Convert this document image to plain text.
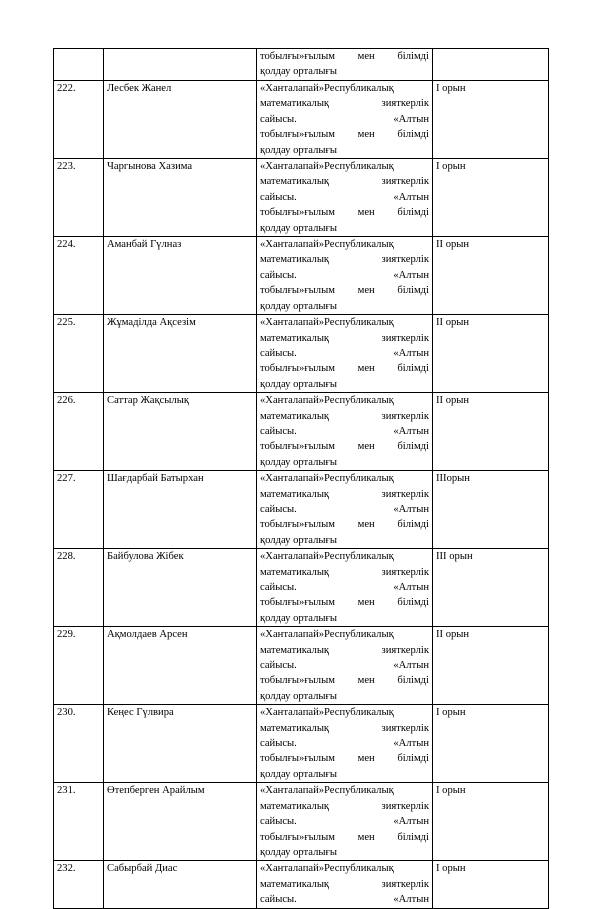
		тобылғы»ғылым мен білімді
қолдау орталығы	

222.	Лесбек Жанел	«Ханталапай»Республикалық
математикалық зияткерлік
сайысы. «Алтын
тобылғы»ғылым мен білімді
қолдау орталығы	І орын
223.	Чаргынова Хазима	«Ханталапай»Республикалық
математикалық зияткерлік
сайысы. «Алтын
тобылғы»ғылым мен білімді
қолдау орталығы	І орын
224.	Аманбай Гүлназ	«Ханталапай»Республикалық
математикалық зияткерлік
сайысы. «Алтын
тобылғы»ғылым мен білімді
қолдау орталығы	ІІ орын
225.	Жұмаділда Ақсезім	«Ханталапай»Республикалық
математикалық зияткерлік
сайысы. «Алтын
тобылғы»ғылым мен білімді
қолдау орталығы	ІІ орын
226.	Саттар Жақсылық	«Ханталапай»Республикалық
математикалық зияткерлік
сайысы. «Алтын
тобылғы»ғылым мен білімді
қолдау орталығы	ІІ орын
227.	Шағдарбай Батырхан	«Ханталапай»Республикалық
математикалық зияткерлік
сайысы. «Алтын
тобылғы»ғылым мен білімді
қолдау орталығы	ІІІорын
228.	Байбулова Жібек	«Ханталапай»Республикалық
математикалық зияткерлік
сайысы. «Алтын
тобылғы»ғылым мен білімді
қолдау орталығы	ІІІ орын
229.	Ақмолдаев Арсен	«Ханталапай»Республикалық
математикалық зияткерлік
сайысы. «Алтын
тобылғы»ғылым мен білімді
қолдау орталығы	ІІ орын
230.	Кеңес Гүлвира	«Ханталапай»Республикалық
математикалық зияткерлік
сайысы. «Алтын
тобылғы»ғылым мен білімді
қолдау орталығы	І орын
231.	Өтепберген Арайлым	«Ханталапай»Республикалық
математикалық зияткерлік
сайысы. «Алтын
тобылғы»ғылым мен білімді
қолдау орталығы	І орын
232.	Сабырбай Диас	«Ханталапай»Республикалық
математикалық зияткерлік
сайысы. «Алтын	І орын
